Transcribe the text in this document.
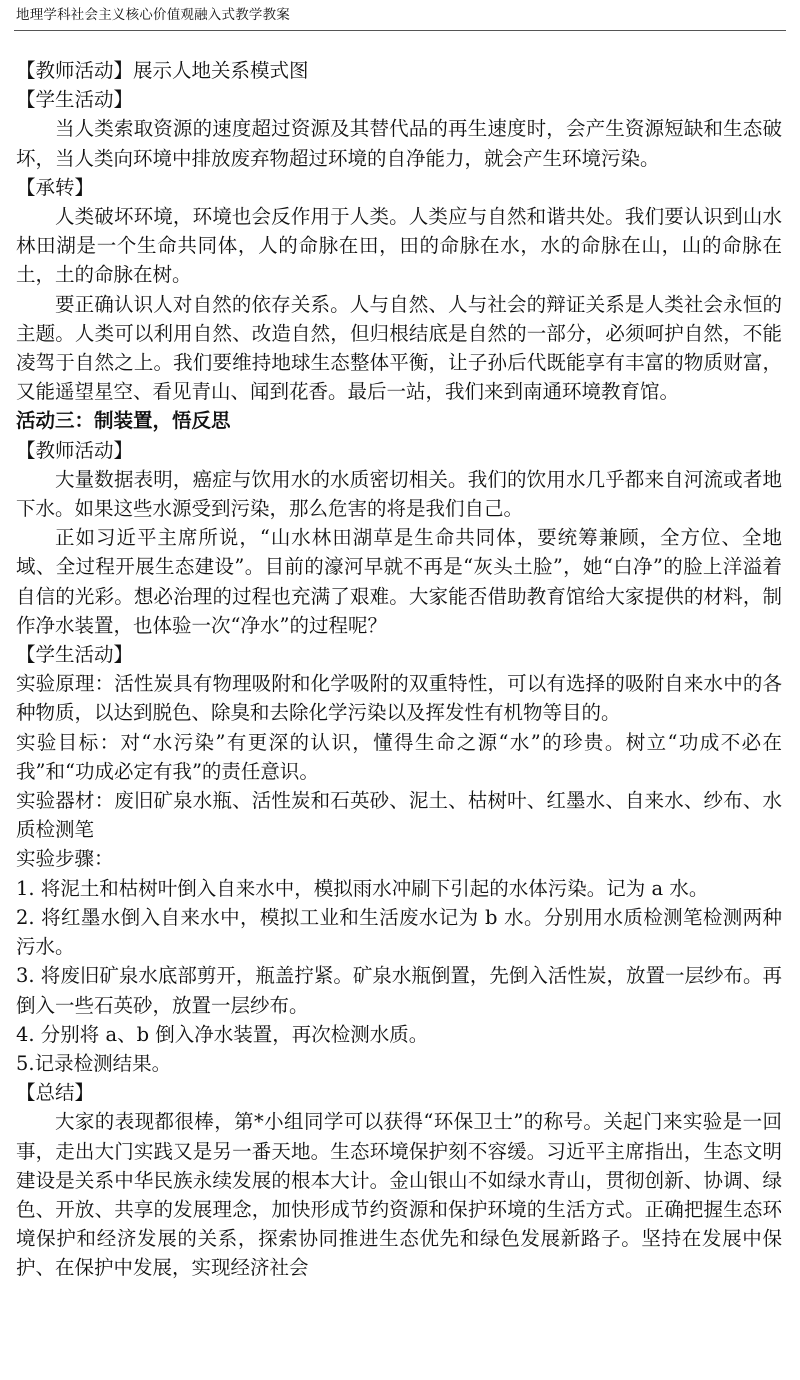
地理学科社会主义核心价值观融入式教学教案

【教师活动】展示人地关系模式图

【学生活动】

当人类索取资源的速度超过资源及其替代品的再生速度时，会产生资源短缺和生态破坏，当人类向环境中排放废弃物超过环境的自净能力，就会产生环境污染。

【承转】

人类破坏环境，环境也会反作用于人类。人类应与自然和谐共处。我们要认识到山水林田湖是一个生命共同体，人的命脉在田，田的命脉在水，水的命脉在山，山的命脉在土，土的命脉在树。

要正确认识人对自然的依存关系。人与自然、人与社会的辩证关系是人类社会永恒的主题。人类可以利用自然、改造自然，但归根结底是自然的一部分，必须呵护自然，不能凌驾于自然之上。我们要维持地球生态整体平衡，让子孙后代既能享有丰富的物质财富，又能遥望星空、看见青山、闻到花香。最后一站，我们来到南通环境教育馆。

活动三：制装置，悟反思

【教师活动】

大量数据表明，癌症与饮用水的水质密切相关。我们的饮用水几乎都来自河流或者地下水。如果这些水源受到污染，那么危害的将是我们自己。

正如习近平主席所说，“山水林田湖草是生命共同体，要统筹兼顾，全方位、全地域、全过程开展生态建设”。目前的濠河早就不再是“灰头土脸”，她“白净”的脸上洋溢着自信的光彩。想必治理的过程也充满了艰难。大家能否借助教育馆给大家提供的材料，制作净水装置，也体验一次“净水”的过程呢？

【学生活动】

实验原理：活性炭具有物理吸附和化学吸附的双重特性，可以有选择的吸附自来水中的各种物质，以达到脱色、除臭和去除化学污染以及挥发性有机物等目的。

实验目标：对“水污染”有更深的认识，懂得生命之源“水”的珍贵。树立“功成不必在我”和“功成必定有我”的责任意识。

实验器材：废旧矿泉水瓶、活性炭和石英砂、泥土、枯树叶、红墨水、自来水、纱布、水质检测笔

实验步骤：

1. 将泥土和枯树叶倒入自来水中，模拟雨水冲刷下引起的水体污染。记为 a 水。

2. 将红墨水倒入自来水中，模拟工业和生活废水记为 b 水。分别用水质检测笔检测两种污水。

3. 将废旧矿泉水底部剪开，瓶盖拧紧。矿泉水瓶倒置，先倒入活性炭，放置一层纱布。再倒入一些石英砂，放置一层纱布。

4. 分别将 a、b 倒入净水装置，再次检测水质。

5.记录检测结果。

【总结】

大家的表现都很棒，第*小组同学可以获得“环保卫士”的称号。关起门来实验是一回事，走出大门实践又是另一番天地。生态环境保护刻不容缓。习近平主席指出，生态文明建设是关系中华民族永续发展的根本大计。金山银山不如绿水青山，贯彻创新、协调、绿色、开放、共享的发展理念，加快形成节约资源和保护环境的生活方式。正确把握生态环境保护和经济发展的关系，探索协同推进生态优先和绿色发展新路子。坚持在发展中保护、在保护中发展，实现经济社会
